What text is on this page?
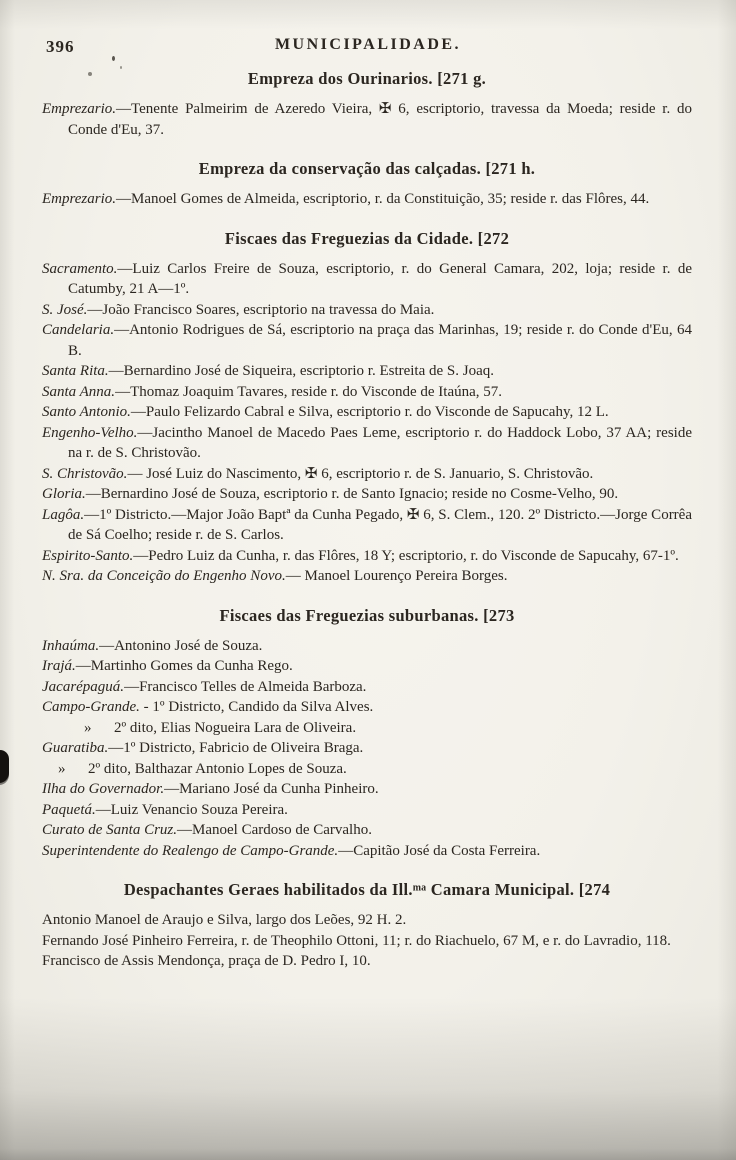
396	MUNICIPALIDADE.
Empreza dos Ourinarios. [271 g.

Emprezario.—Tenente Palmeirim de Azeredo Vieira, ✠ 6, escriptorio, travessa da Moeda; reside r. do Conde d'Eu, 37.

Empreza da conservação das calçadas. [271 h.

Emprezario.—Manoel Gomes de Almeida, escriptorio, r. da Constituição, 35; reside r. das Flôres, 44.

Fiscaes das Freguezias da Cidade. [272

Sacramento.—Luiz Carlos Freire de Souza, escriptorio, r. do General Camara, 202, loja; reside r. de Catumby, 21 A—1º.

S. José.—João Francisco Soares, escriptorio na travessa do Maia.

Candelaria.—Antonio Rodrigues de Sá, escriptorio na praça das Marinhas, 19; reside r. do Conde d'Eu, 64 B.

Santa Rita.—Bernardino José de Siqueira, escriptorio r. Estreita de S. Joaq.

Santa Anna.—Thomaz Joaquim Tavares, reside r. do Visconde de Itaúna, 57.

Santo Antonio.—Paulo Felizardo Cabral e Silva, escriptorio r. do Visconde de Sapucahy, 12 L.

Engenho-Velho.—Jacintho Manoel de Macedo Paes Leme, escriptorio r. do Haddock Lobo, 37 AA; reside na r. de S. Christovão.

S. Christovão.— José Luiz do Nascimento, ✠ 6, escriptorio r. de S. Januario, S. Christovão.

Gloria.—Bernardino José de Souza, escriptorio r. de Santo Ignacio; reside no Cosme-Velho, 90.

Lagôa.—1º Districto.—Major João Baptª da Cunha Pegado, ✠ 6, S. Clem., 120. 2º Districto.—Jorge Corrêa de Sá Coelho; reside r. de S. Carlos.

Espirito-Santo.—Pedro Luiz da Cunha, r. das Flôres, 18 Y; escriptorio, r. do Visconde de Sapucahy, 67-1º.

N. Sra. da Conceição do Engenho Novo.— Manoel Lourenço Pereira Borges.

Fiscaes das Freguezias suburbanas. [273

Inhaúma.—Antonino José de Souza.

Irajá.—Martinho Gomes da Cunha Rego.

Jacarépaguá.—Francisco Telles de Almeida Barboza.

Campo-Grande. - 1º Districto, Candido da Silva Alves.

»   2º dito, Elias Nogueira Lara de Oliveira.

Guaratiba.—1º Districto, Fabricio de Oliveira Braga.

»   2º dito, Balthazar Antonio Lopes de Souza.

Ilha do Governador.—Mariano José da Cunha Pinheiro.

Paquetá.—Luiz Venancio Souza Pereira.

Curato de Santa Cruz.—Manoel Cardoso de Carvalho.

Superintendente do Realengo de Campo-Grande.—Capitão José da Costa Ferreira.

Despachantes Geraes habilitados da Ill.ᵐᵃ Camara Municipal. [274

Antonio Manoel de Araujo e Silva, largo dos Leões, 92 H. 2.

Fernando José Pinheiro Ferreira, r. de Theophilo Ottoni, 11; r. do Riachuelo, 67 M, e r. do Lavradio, 118.

Francisco de Assis Mendonça, praça de D. Pedro I, 10.
